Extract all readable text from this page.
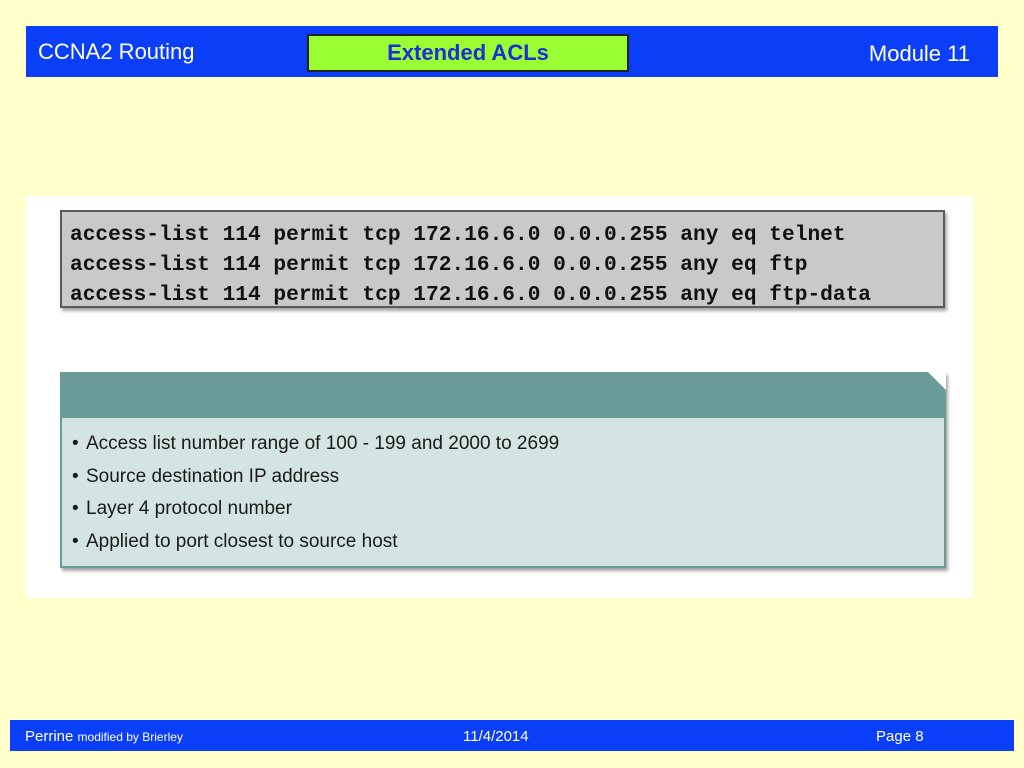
CCNA2 Routing	Extended ACLs	Module 11
access-list 114 permit tcp 172.16.6.0 0.0.0.255 any eq telnet
access-list 114 permit tcp 172.16.6.0 0.0.0.255 any eq ftp
access-list 114 permit tcp 172.16.6.0 0.0.0.255 any eq ftp-data
• Access list number range of 100 - 199 and 2000 to 2699
• Source destination IP address
• Layer 4 protocol number
• Applied to port closest to source host
Perrine modified by Brierley	11/4/2014	Page 8
